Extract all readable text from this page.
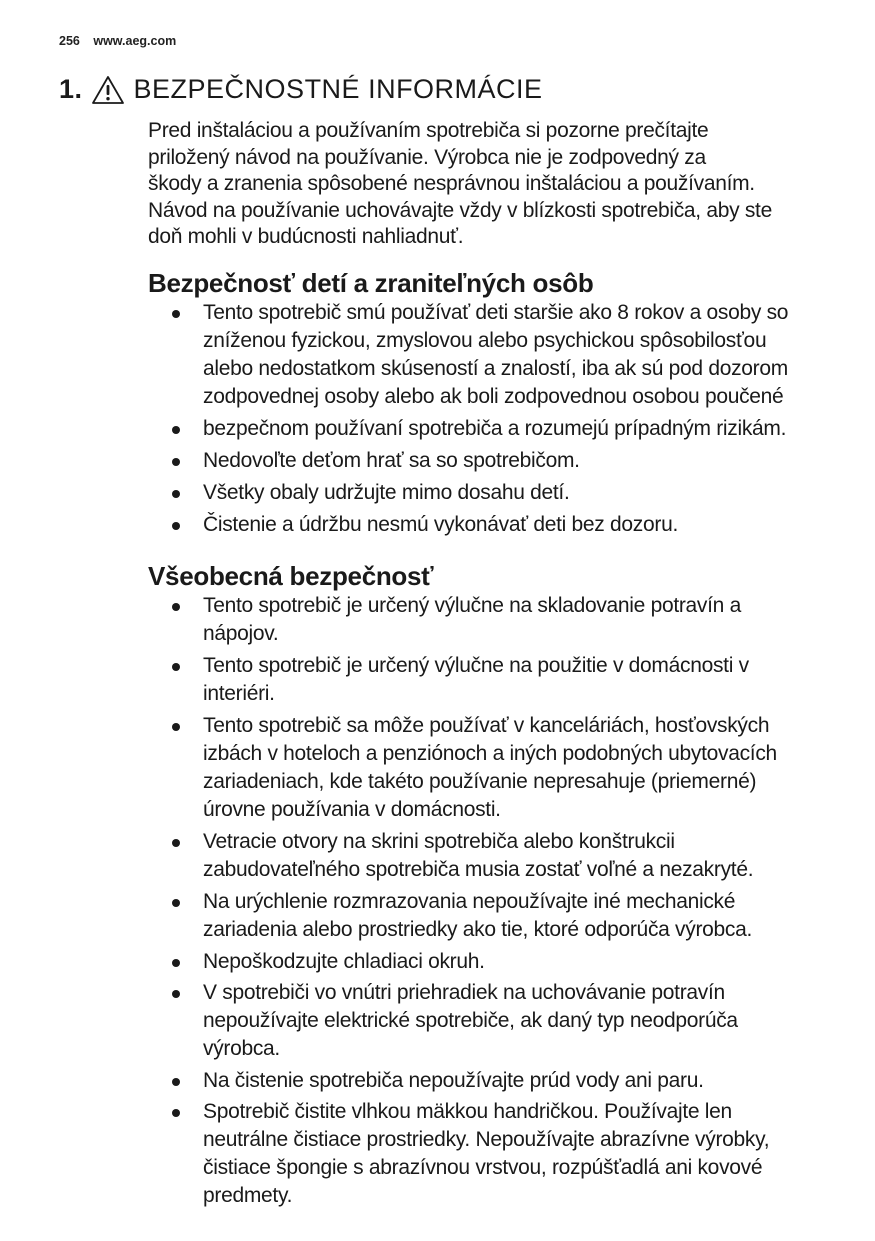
256 www.aeg.com
1. BEZPEČNOSTNÉ INFORMÁCIE

Pred inštaláciou a používaním spotrebiča si pozorne prečítajte
priložený návod na používanie. Výrobca nie je zodpovedný za
škody a zranenia spôsobené nesprávnou inštaláciou a používaním.
Návod na používanie uchovávajte vždy v blízkosti spotrebiča, aby ste
doň mohli v budúcnosti nahliadnuť.

Bezpečnosť detí a zraniteľných osôb
Tento spotrebič smú používať deti staršie ako 8 rokov a osoby so
zníženou fyzickou, zmyslovou alebo psychickou spôsobilosťou
alebo nedostatkom skúseností a znalostí, iba ak sú pod dozorom
zodpovednej osoby alebo ak boli zodpovednou osobou poučené
bezpečnom používaní spotrebiča a rozumejú prípadným rizikám.
Nedovoľte deťom hrať sa so spotrebičom.
Všetky obaly udržujte mimo dosahu detí.
Čistenie a údržbu nesmú vykonávať deti bez dozoru.
Všeobecná bezpečnosť
Tento spotrebič je určený výlučne na skladovanie potravín a
nápojov.
Tento spotrebič je určený výlučne na použitie v domácnosti v
interiéri.
Tento spotrebič sa môže používať v kanceláriách, hosťovských
izbách v hoteloch a penziónoch a iných podobných ubytovacích
zariadeniach, kde takéto používanie nepresahuje (priemerné)
úrovne používania v domácnosti.
Vetracie otvory na skrini spotrebiča alebo konštrukcii
zabudovateľného spotrebiča musia zostať voľné a nezakryté.
Na urýchlenie rozmrazovania nepoužívajte iné mechanické
zariadenia alebo prostriedky ako tie, ktoré odporúča výrobca.
Nepoškodzujte chladiaci okruh.
V spotrebiči vo vnútri priehradiek na uchovávanie potravín
nepoužívajte elektrické spotrebiče, ak daný typ neodporúča
výrobca.
Na čistenie spotrebiča nepoužívajte prúd vody ani paru.
Spotrebič čistite vlhkou mäkkou handričkou. Používajte len
neutrálne čistiace prostriedky. Nepoužívajte abrazívne výrobky,
čistiace špongie s abrazívnou vrstvou, rozpúšťadlá ani kovové
predmety.
